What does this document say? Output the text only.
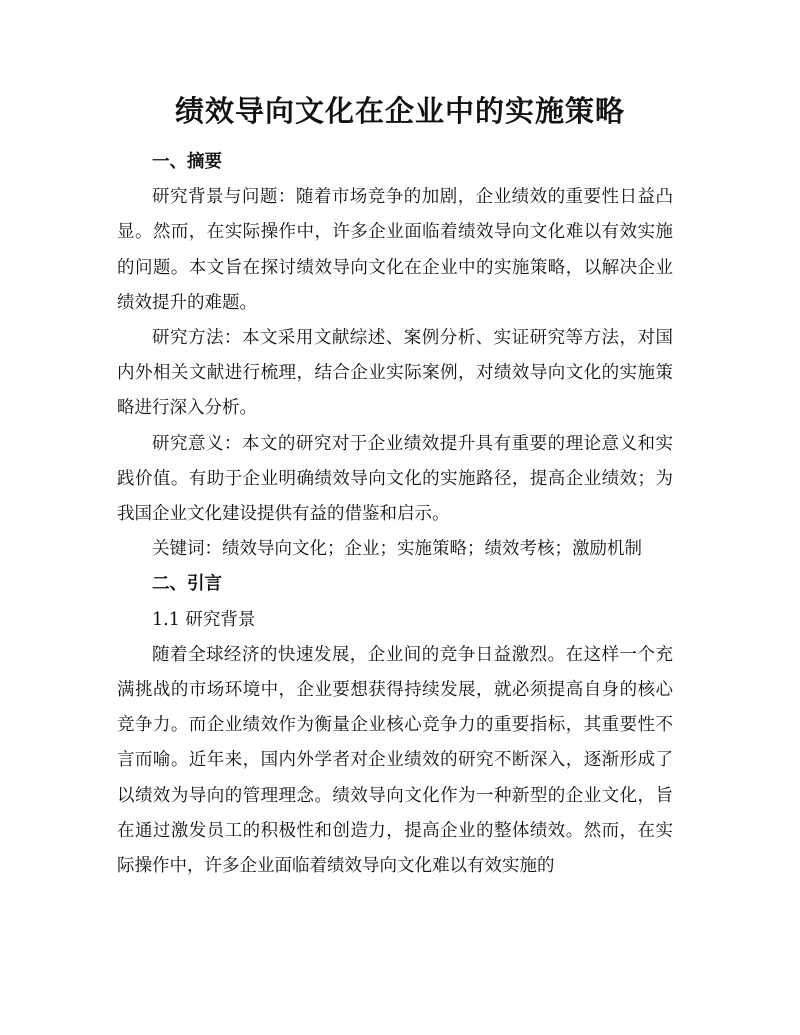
绩效导向文化在企业中的实施策略

一、摘要

研究背景与问题：随着市场竞争的加剧，企业绩效的重要性日益凸显。然而，在实际操作中，许多企业面临着绩效导向文化难以有效实施的问题。本文旨在探讨绩效导向文化在企业中的实施策略，以解决企业绩效提升的难题。

研究方法：本文采用文献综述、案例分析、实证研究等方法，对国内外相关文献进行梳理，结合企业实际案例，对绩效导向文化的实施策略进行深入分析。

研究意义：本文的研究对于企业绩效提升具有重要的理论意义和实践价值。有助于企业明确绩效导向文化的实施路径，提高企业绩效；为我国企业文化建设提供有益的借鉴和启示。

关键词：绩效导向文化；企业；实施策略；绩效考核；激励机制

二、引言

1.1 研究背景

随着全球经济的快速发展，企业间的竞争日益激烈。在这样一个充满挑战的市场环境中，企业要想获得持续发展，就必须提高自身的核心竞争力。而企业绩效作为衡量企业核心竞争力的重要指标，其重要性不言而喻。近年来，国内外学者对企业绩效的研究不断深入，逐渐形成了以绩效为导向的管理理念。绩效导向文化作为一种新型的企业文化，旨在通过激发员工的积极性和创造力，提高企业的整体绩效。然而，在实际操作中，许多企业面临着绩效导向文化难以有效实施的
